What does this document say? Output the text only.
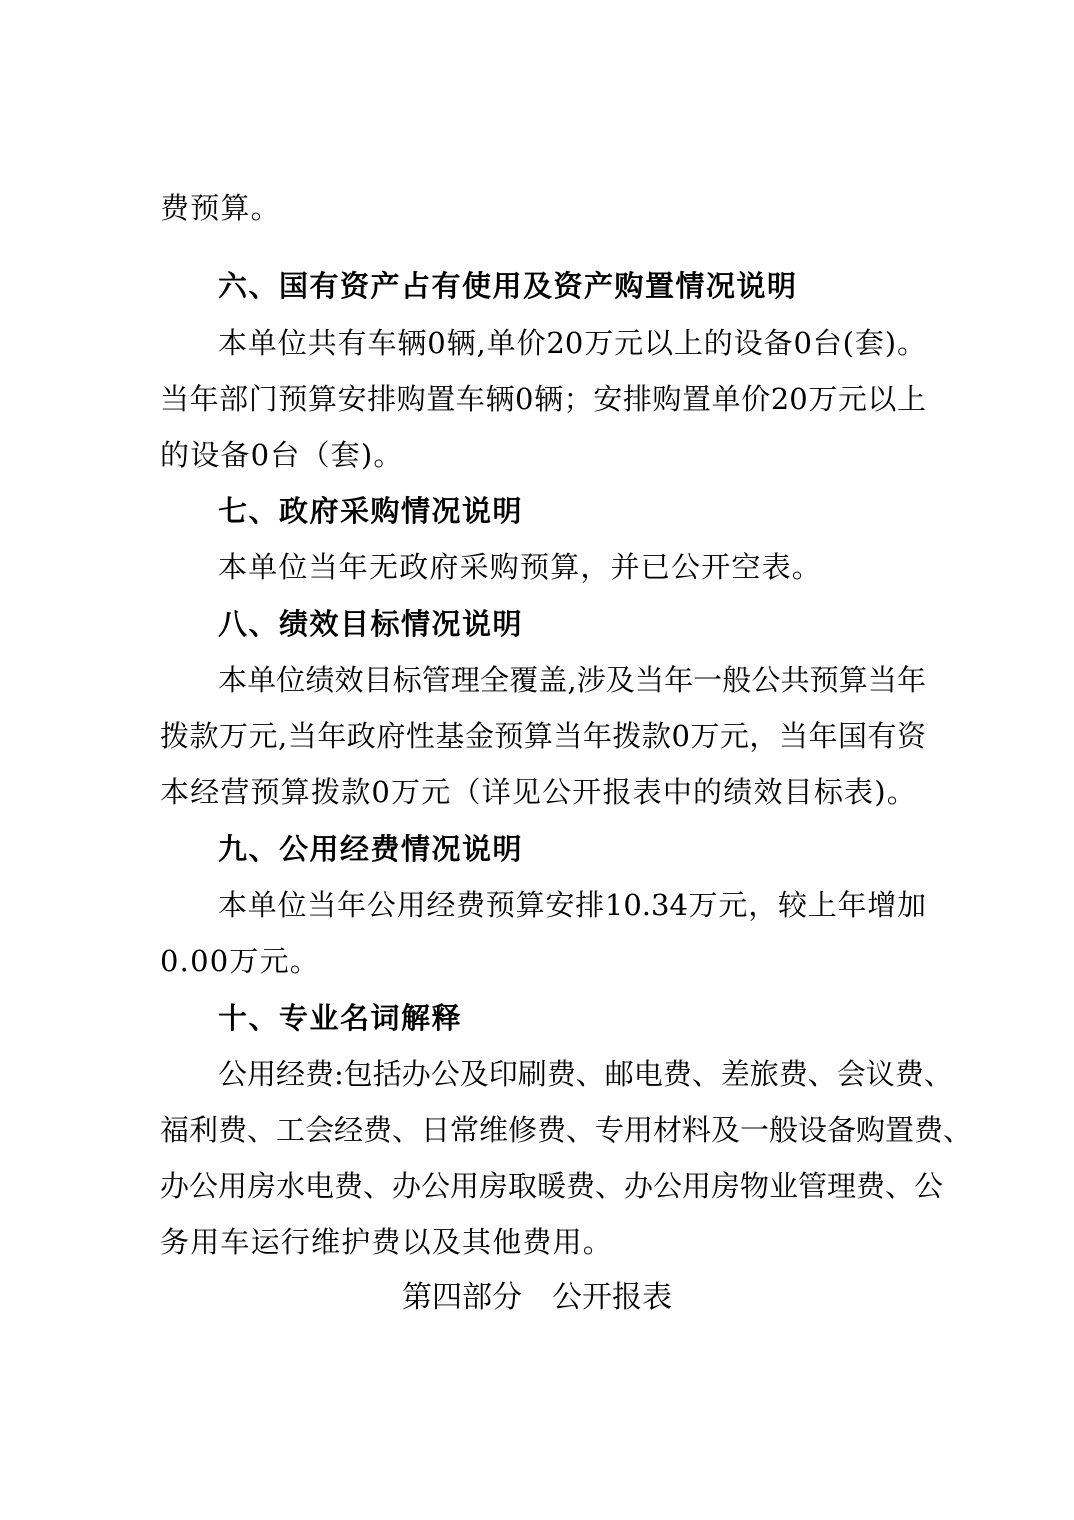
费预算。
六、国有资产占有使用及资产购置情况说明
本单位共有车辆0辆,单价20万元以上的设备0台(套)。
当年部门预算安排购置车辆0辆；安排购置单价20万元以上
的设备0台（套)。
七、政府采购情况说明
本单位当年无政府采购预算，并已公开空表。
八、绩效目标情况说明
本单位绩效目标管理全覆盖,涉及当年一般公共预算当年
拨款万元,当年政府性基金预算当年拨款0万元，当年国有资
本经营预算拨款0万元（详见公开报表中的绩效目标表)。
九、公用经费情况说明
本单位当年公用经费预算安排10.34万元，较上年增加
0.00万元。
十、专业名词解释
公用经费:包括办公及印刷费、邮电费、差旅费、会议费、
福利费、工会经费、日常维修费、专用材料及一般设备购置费、
办公用房水电费、办公用房取暖费、办公用房物业管理费、公
务用车运行维护费以及其他费用。
第四部分　公开报表
